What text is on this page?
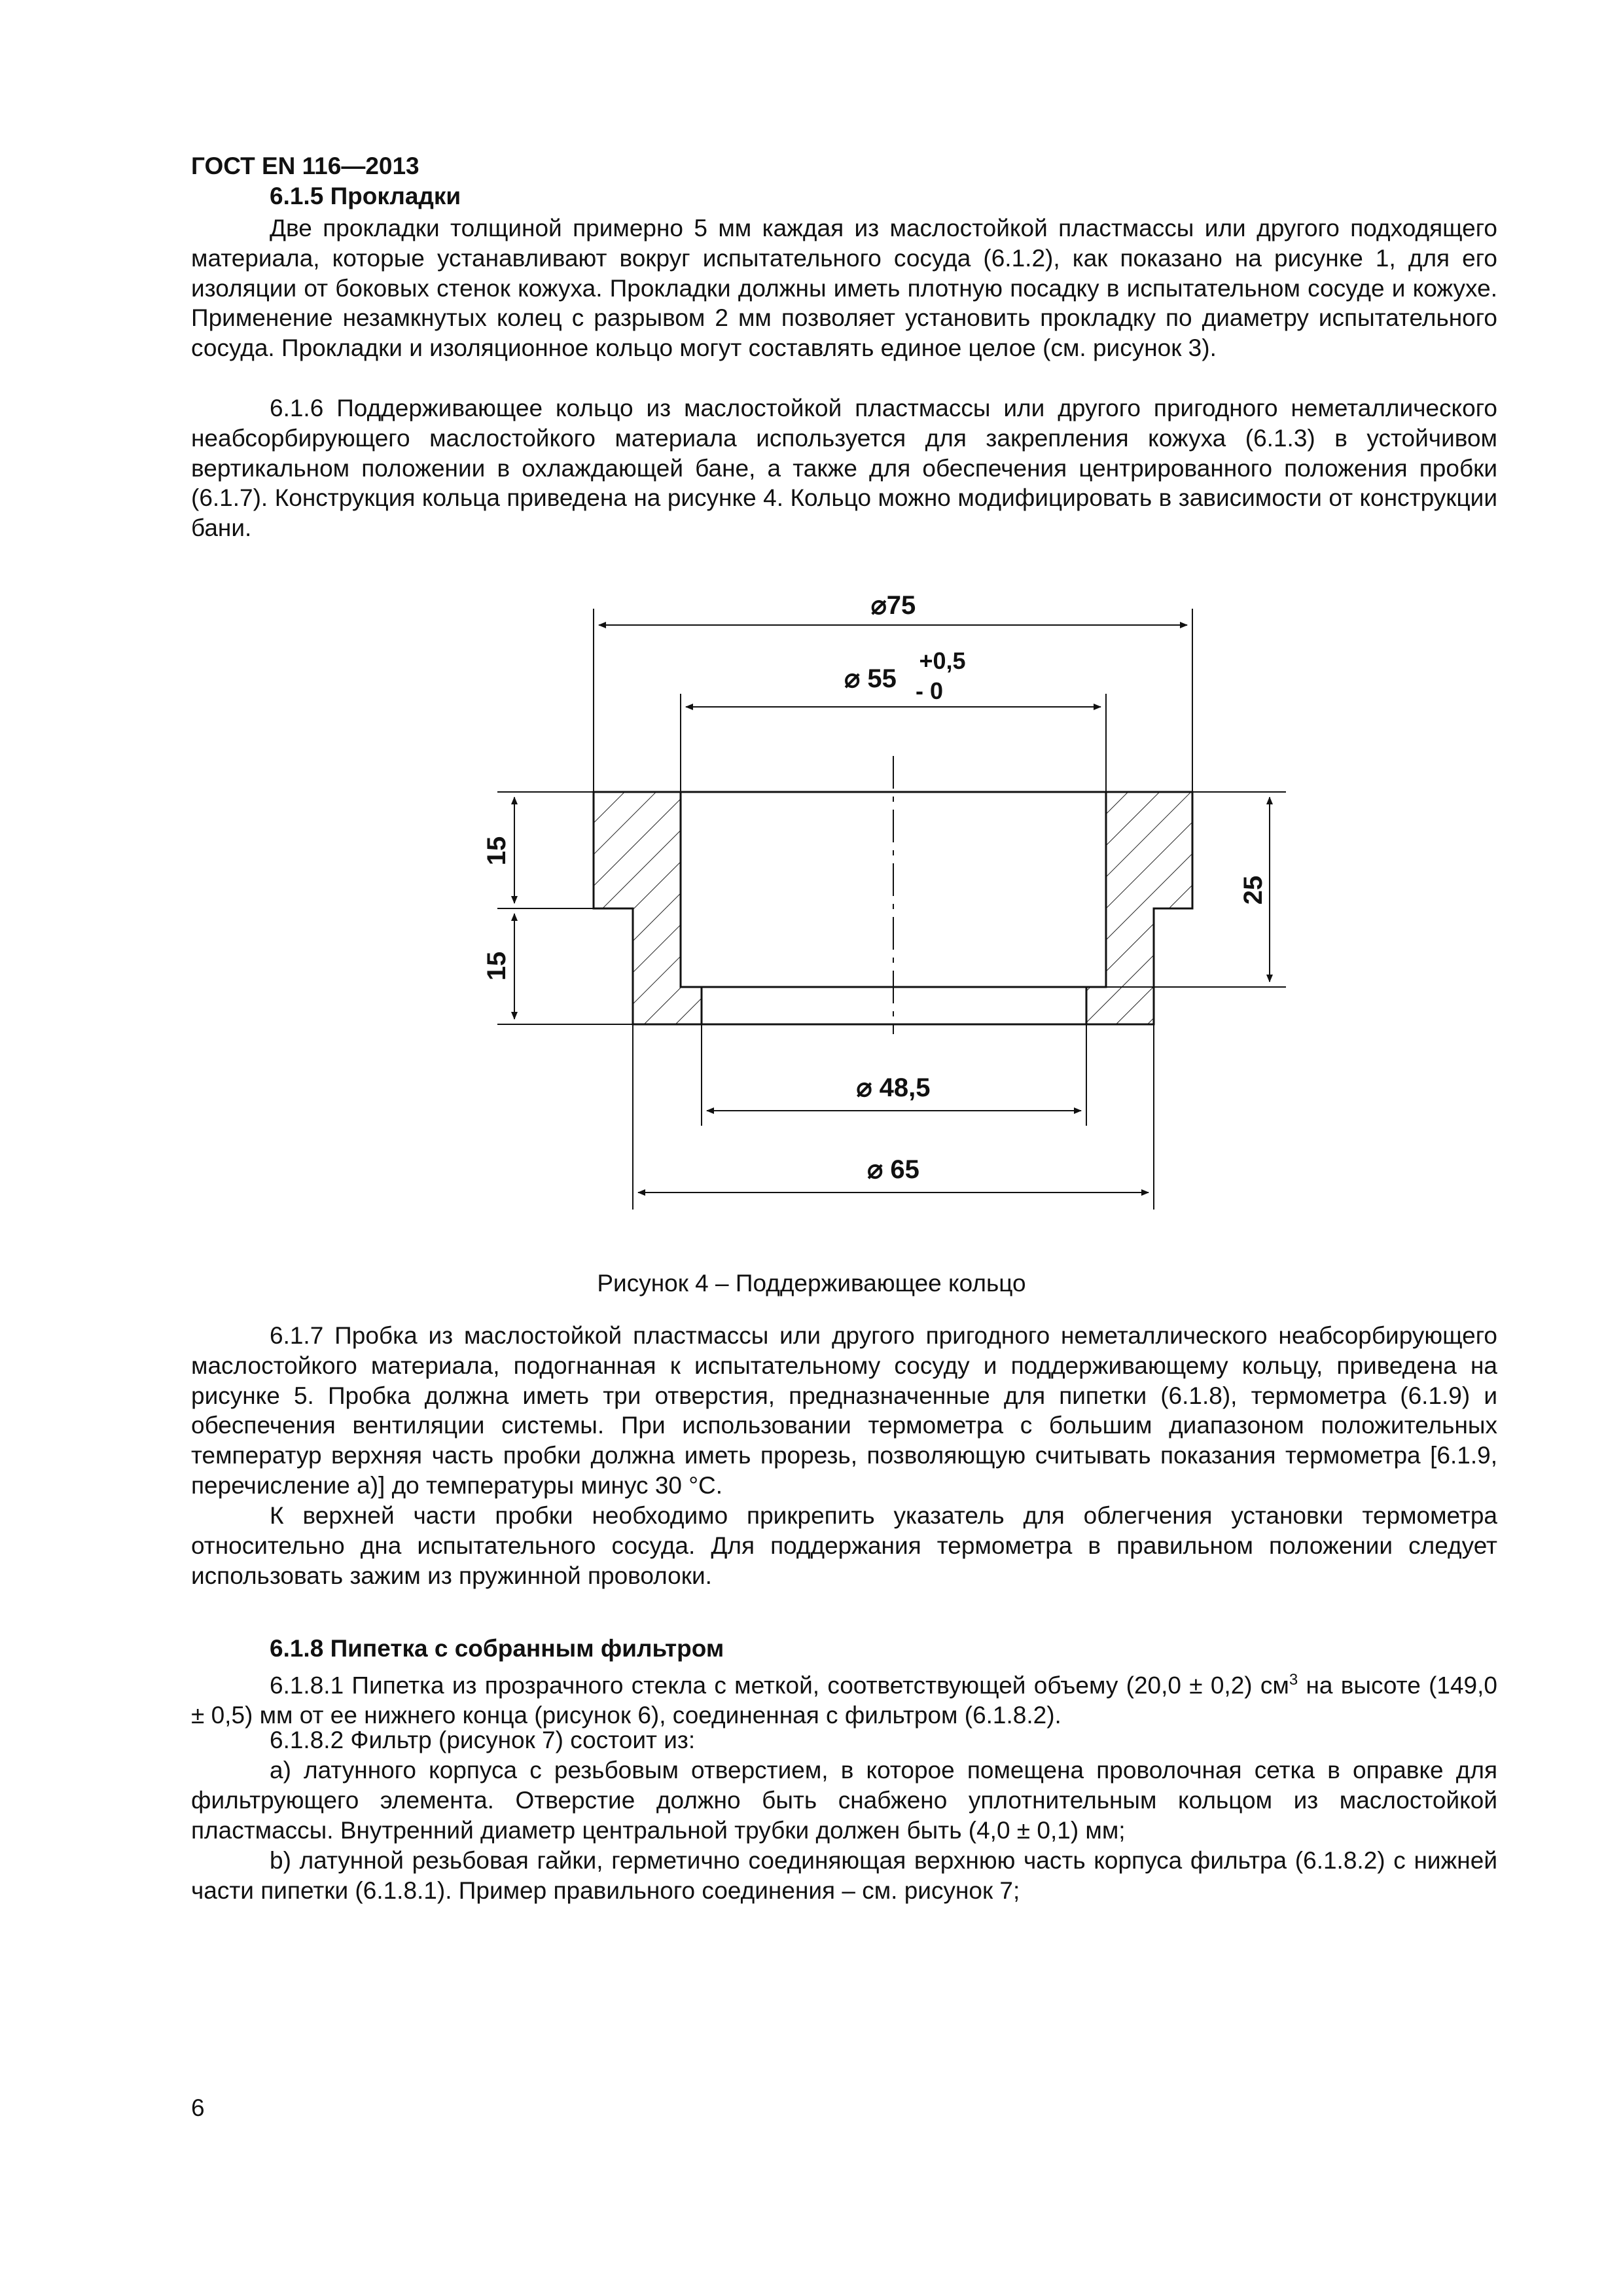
ГОСТ EN 116—2013
6.1.5 Прокладки

Две прокладки толщиной примерно 5 мм каждая из маслостойкой пластмассы или другого подходящего материала, которые устанавливают вокруг испытательного сосуда (6.1.2), как показано на рисунке 1, для его изоляции от боковых стенок кожуха. Прокладки должны иметь плотную посадку в испытательном сосуде и кожухе. Применение незамкнутых колец с разрывом 2 мм позволяет установить прокладку по диаметру испытательного сосуда. Прокладки и изоляционное кольцо могут составлять единое целое (см. рисунок 3).

6.1.6 Поддерживающее кольцо из маслостойкой пластмассы или другого пригодного неметаллического неабсорбирующего маслостойкого материала используется для закрепления кожуха (6.1.3) в устойчивом вертикальном положении в охлаждающей бане, а также для обеспечения центрированного положения пробки (6.1.7). Конструкция кольца приведена на рисунке 4. Кольцо можно модифицировать в зависимости от конструкции бани.

⌀75
⌀ 55
+0,5
- 0
⌀ 48,5
⌀ 65
15
15
25
Рисунок 4 – Поддерживающее кольцо

6.1.7 Пробка из маслостойкой пластмассы или другого пригодного неметаллического неабсорбирующего маслостойкого материала, подогнанная к испытательному сосуду и поддерживающему кольцу, приведена на рисунке 5. Пробка должна иметь три отверстия, предназначенные для пипетки (6.1.8), термометра (6.1.9) и обеспечения вентиляции системы. При использовании термометра с большим диапазоном положительных температур верхняя часть пробки должна иметь прорезь, позволяющую считывать показания термометра [6.1.9, перечисление а)] до температуры минус 30 °С.

К верхней части пробки необходимо прикрепить указатель для облегчения установки термометра относительно дна испытательного сосуда. Для поддержания термометра в правильном положении следует использовать зажим из пружинной проволоки.

6.1.8 Пипетка с собранным фильтром

6.1.8.1 Пипетка из прозрачного стекла с меткой, соответствующей объему (20,0 ± 0,2) $см^3$ на высоте (149,0 ± 0,5) мм от ее нижнего конца (рисунок 6), соединенная с фильтром (6.1.8.2).

6.1.8.2 Фильтр (рисунок 7) состоит из:

a) латунного корпуса с резьбовым отверстием, в которое помещена проволочная сетка в оправке для фильтрующего элемента. Отверстие должно быть снабжено уплотнительным кольцом из маслостойкой пластмассы. Внутренний диаметр центральной трубки должен быть (4,0 ± 0,1) мм;

b) латунной резьбовая гайки, герметично соединяющая верхнюю часть корпуса фильтра (6.1.8.2) с нижней части пипетки (6.1.8.1). Пример правильного соединения – см. рисунок 7;

6
